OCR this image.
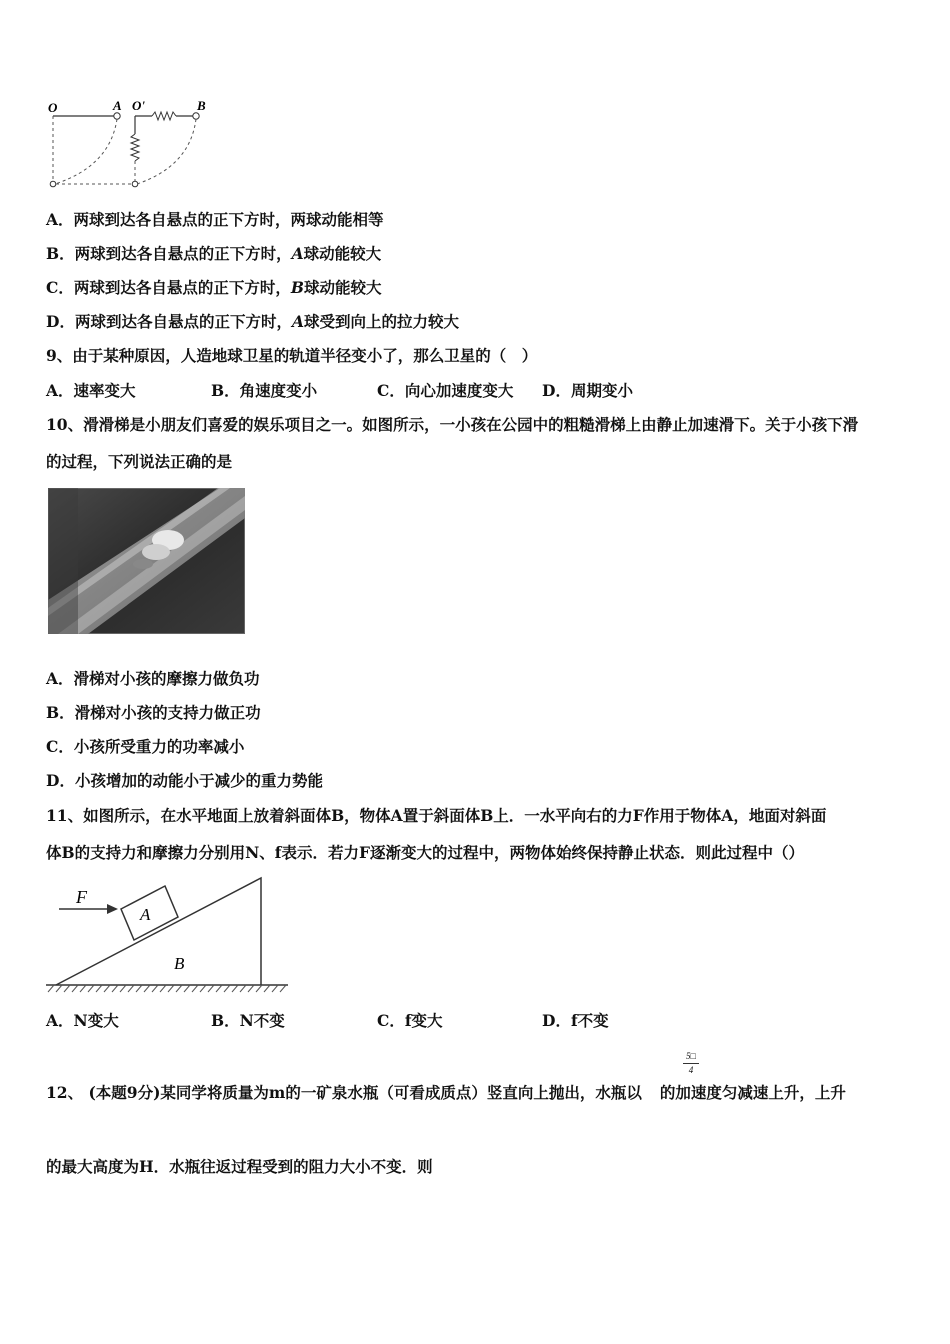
O	A O'	B
A．两球到达各自悬点的正下方时，两球动能相等
B．两球到达各自悬点的正下方时，A球动能较大
C．两球到达各自悬点的正下方时，B球动能较大
D．两球到达各自悬点的正下方时，A球受到向上的拉力较大
9、由于某种原因，人造地球卫星的轨道半径变小了，那么卫星的（　）
A．速率变大	B．角速度变小	C．向心加速度变大 D．周期变小
10、滑滑梯是小朋友们喜爱的娱乐项目之一。如图所示，一小孩在公园中的粗糙滑梯上由静止加速滑下。关于小孩下滑
的过程，下列说法正确的是
A．滑梯对小孩的摩擦力做负功
B．滑梯对小孩的支持力做正功
C．小孩所受重力的功率减小
D．小孩增加的动能小于减少的重力势能
11、如图所示，在水平地面上放着斜面体B，物体A置于斜面体B上．一水平向右的力F作用于物体A，地面对斜面
体B的支持力和摩擦力分别用N、f表示．若力F逐渐变大的过程中，两物体始终保持静止状态．则此过程中（）
F
A
B
A．N变大	B．N不变	C．f变大	D．f不变
12、 (本题9分)某同学将质量为m的一矿泉水瓶（可看成质点）竖直向上抛出，水瓶以 的加速度匀减速上升，上升
5□
4
的最大高度为H．水瓶往返过程受到的阻力大小不变．则
